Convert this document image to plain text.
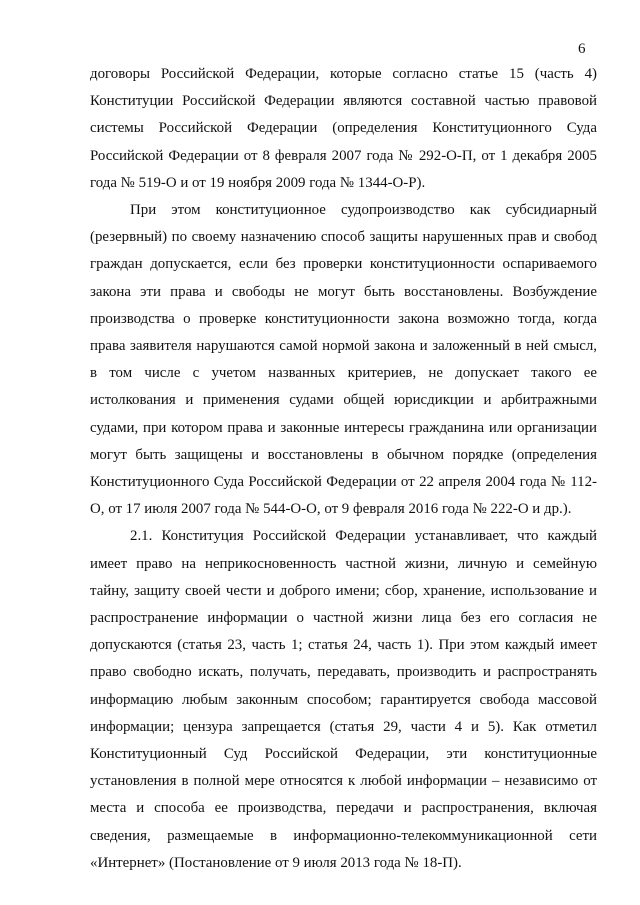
6

договоры Российской Федерации, которые согласно статье 15 (часть 4) Конституции Российской Федерации являются составной частью правовой системы Российской Федерации (определения Конституционного Суда Российской Федерации от 8 февраля 2007 года № 292-О-П, от 1 декабря 2005 года № 519-О и от 19 ноября 2009 года № 1344-О-Р).

При этом конституционное судопроизводство как субсидиарный (резервный) по своему назначению способ защиты нарушенных прав и свобод граждан допускается, если без проверки конституционности оспариваемого закона эти права и свободы не могут быть восстановлены. Возбуждение производства о проверке конституционности закона возможно тогда, когда права заявителя нарушаются самой нормой закона и заложенный в ней смысл, в том числе с учетом названных критериев, не допускает такого ее истолкования и применения судами общей юрисдикции и арбитражными судами, при котором права и законные интересы гражданина или организации могут быть защищены и восстановлены в обычном порядке (определения Конституционного Суда Российской Федерации от 22 апреля 2004 года № 112-О, от 17 июля 2007 года № 544-О-О, от 9 февраля 2016 года № 222-О и др.).

2.1. Конституция Российской Федерации устанавливает, что каждый имеет право на неприкосновенность частной жизни, личную и семейную тайну, защиту своей чести и доброго имени; сбор, хранение, использование и распространение информации о частной жизни лица без его согласия не допускаются (статья 23, часть 1; статья 24, часть 1). При этом каждый имеет право свободно искать, получать, передавать, производить и распространять информацию любым законным способом; гарантируется свобода массовой информации; цензура запрещается (статья 29, части 4 и 5). Как отметил Конституционный Суд Российской Федерации, эти конституционные установления в полной мере относятся к любой информации – независимо от места и способа ее производства, передачи и распространения, включая сведения, размещаемые в информационно-телекоммуникационной сети «Интернет» (Постановление от 9 июля 2013 года № 18-П).
